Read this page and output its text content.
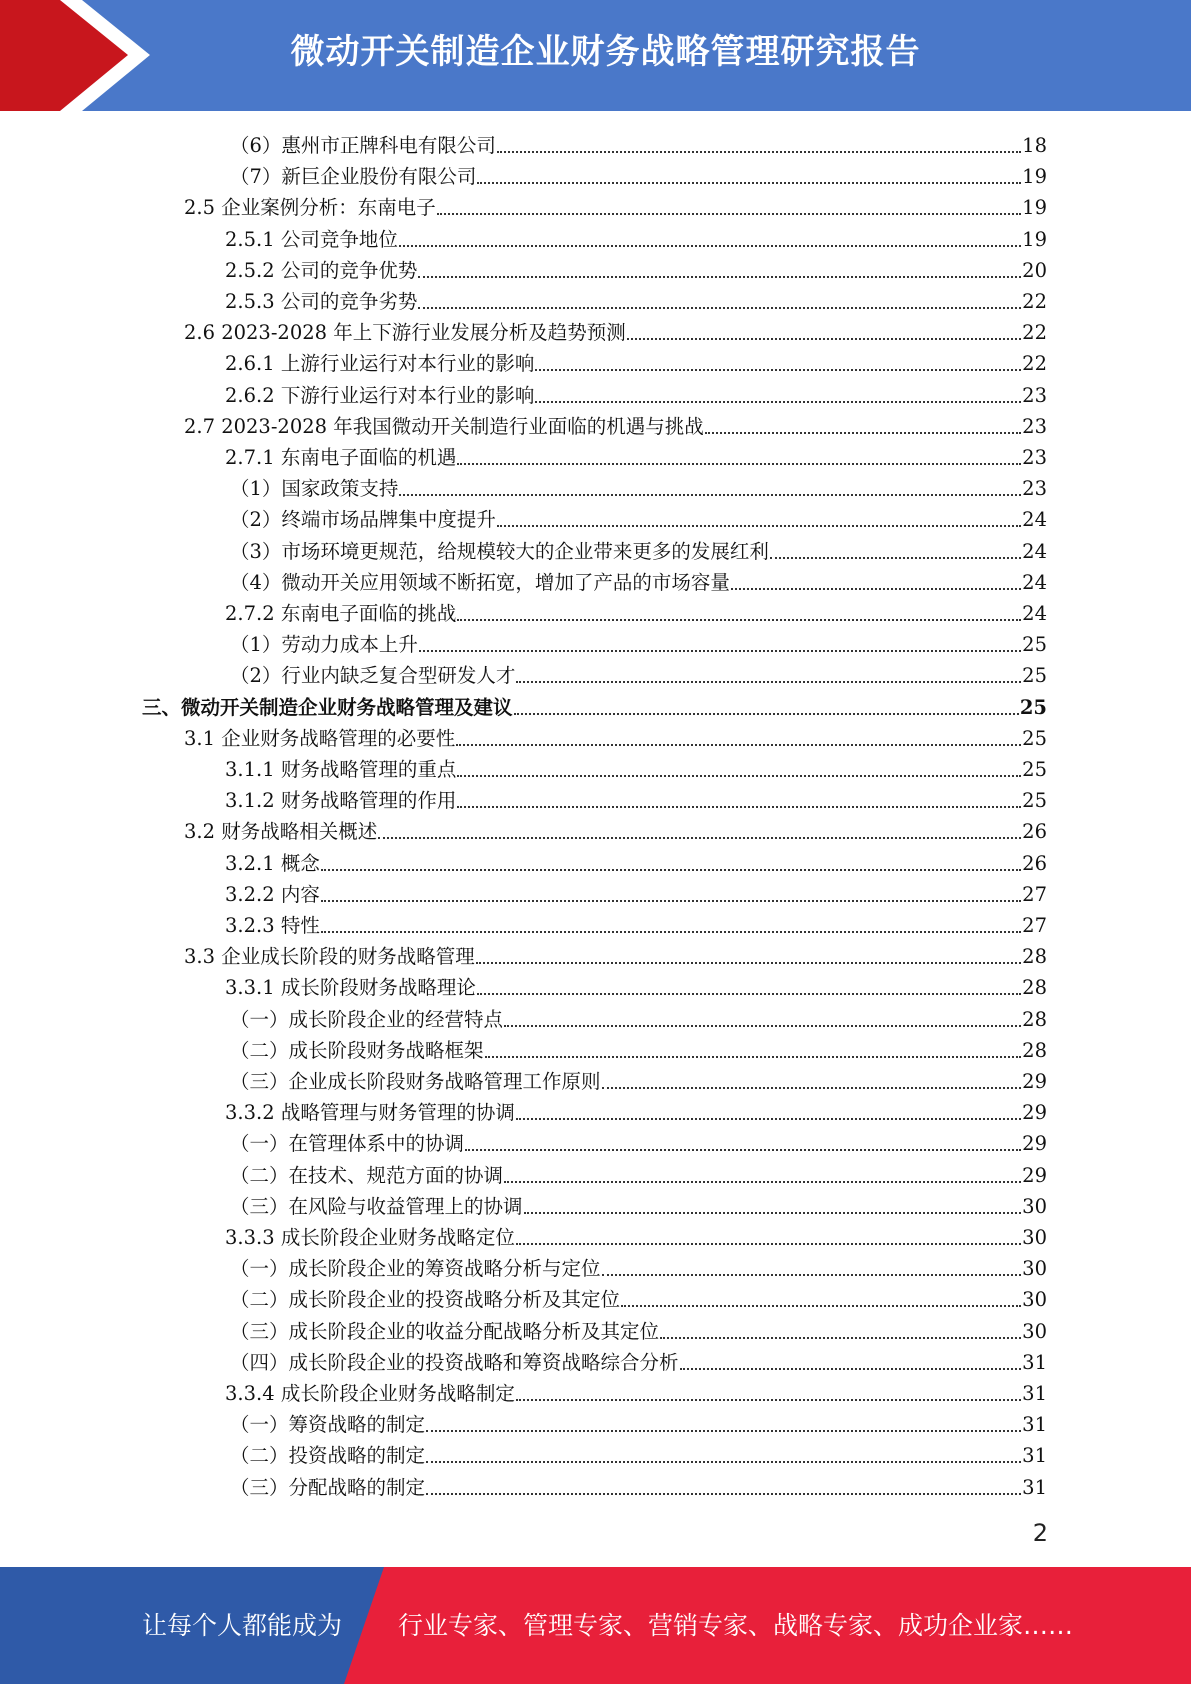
微动开关制造企业财务战略管理研究报告
（6）惠州市正牌科电有限公司	18
（7）新巨企业股份有限公司	19
2.5 企业案例分析：东南电子	19
2.5.1 公司竞争地位	19
2.5.2 公司的竞争优势	20
2.5.3 公司的竞争劣势	22
2.6 2023-2028 年上下游行业发展分析及趋势预测	22
2.6.1 上游行业运行对本行业的影响	22
2.6.2 下游行业运行对本行业的影响	23
2.7 2023-2028 年我国微动开关制造行业面临的机遇与挑战	23
2.7.1 东南电子面临的机遇	23
（1）国家政策支持	23
（2）终端市场品牌集中度提升	24
（3）市场环境更规范，给规模较大的企业带来更多的发展红利	24
（4）微动开关应用领域不断拓宽，增加了产品的市场容量	24
2.7.2 东南电子面临的挑战	24
（1）劳动力成本上升	25
（2）行业内缺乏复合型研发人才	25
三、微动开关制造企业财务战略管理及建议	25
3.1 企业财务战略管理的必要性	25
3.1.1 财务战略管理的重点	25
3.1.2 财务战略管理的作用	25
3.2 财务战略相关概述	26
3.2.1 概念	26
3.2.2 内容	27
3.2.3 特性	27
3.3 企业成长阶段的财务战略管理	28
3.3.1 成长阶段财务战略理论	28
（一）成长阶段企业的经营特点	28
（二）成长阶段财务战略框架	28
（三）企业成长阶段财务战略管理工作原则	29
3.3.2 战略管理与财务管理的协调	29
（一）在管理体系中的协调	29
（二）在技术、规范方面的协调	29
（三）在风险与收益管理上的协调	30
3.3.3 成长阶段企业财务战略定位	30
（一）成长阶段企业的筹资战略分析与定位	30
（二）成长阶段企业的投资战略分析及其定位	30
（三）成长阶段企业的收益分配战略分析及其定位	30
（四）成长阶段企业的投资战略和筹资战略综合分析	31
3.3.4 成长阶段企业财务战略制定	31
（一）筹资战略的制定	31
（二）投资战略的制定	31
（三）分配战略的制定	31
2
让每个人都能成为 行业专家、管理专家、营销专家、战略专家、成功企业家……
